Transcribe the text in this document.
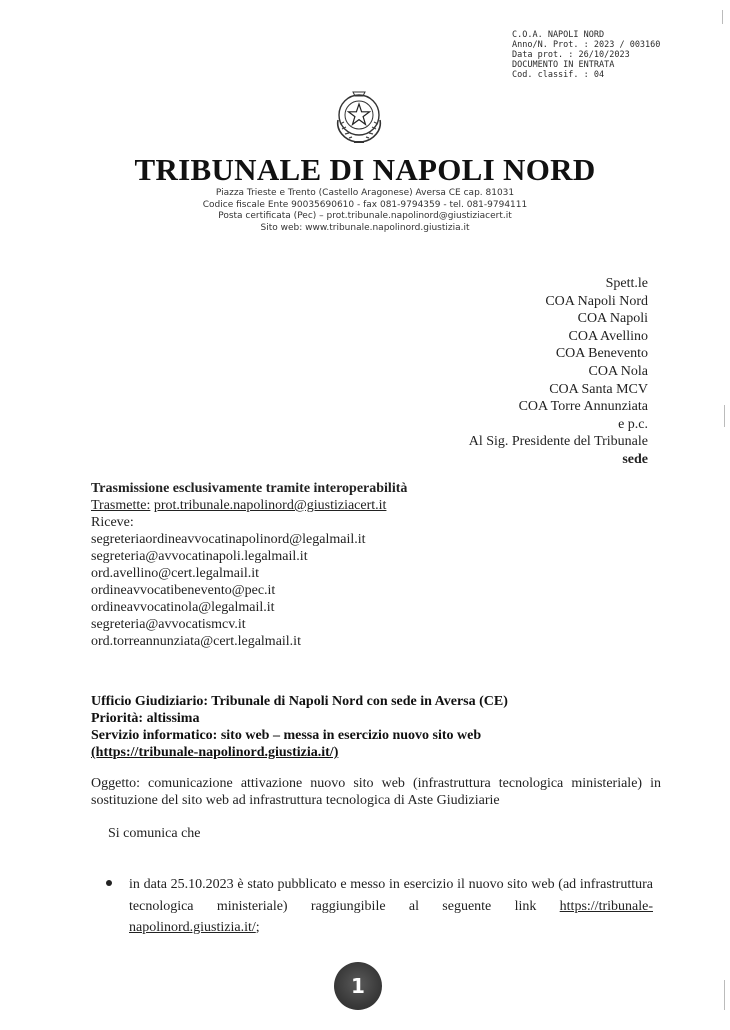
C.O.A. NAPOLI NORD
Anno/N. Prot. : 2023 / 003160
Data prot. : 26/10/2023
DOCUMENTO IN ENTRATA
Cod. classif. : 04
TRIBUNALE DI NAPOLI NORD
Piazza Trieste e Trento (Castello Aragonese) Aversa CE cap. 81031
Codice fiscale Ente 90035690610 - fax 081-9794359 - tel. 081-9794111
Posta certificata (Pec) – prot.tribunale.napolinord@giustiziacert.it
Sito web: www.tribunale.napolinord.giustizia.it
Spett.le
COA Napoli Nord
COA Napoli
COA Avellino
COA Benevento
COA Nola
COA Santa MCV
COA Torre Annunziata
e p.c.
Al Sig. Presidente del Tribunale
sede
Trasmissione esclusivamente tramite interoperabilità
Trasmette: prot.tribunale.napolinord@giustiziacert.it
Riceve:
segreteriaordineavvocatinapolinord@legalmail.it
segreteria@avvocatinapoli.legalmail.it
ord.avellino@cert.legalmail.it
ordineavvocatibenevento@pec.it
ordineavvocatinola@legalmail.it
segreteria@avvocatismcv.it
ord.torreannunziata@cert.legalmail.it
Ufficio Giudiziario: Tribunale di Napoli Nord con sede in Aversa (CE)
Priorità: altissima
Servizio informatico: sito web – messa in esercizio nuovo sito web
(https://tribunale-napolinord.giustizia.it/)
Oggetto: comunicazione attivazione nuovo sito web (infrastruttura tecnologica ministeriale) in sostituzione del sito web ad infrastruttura tecnologica di Aste Giudiziarie
Si comunica che
in data 25.10.2023 è stato pubblicato e messo in esercizio il nuovo sito web (ad infrastruttura tecnologica ministeriale) raggiungibile al seguente link https://tribunale-napolinord.giustizia.it/;
1
